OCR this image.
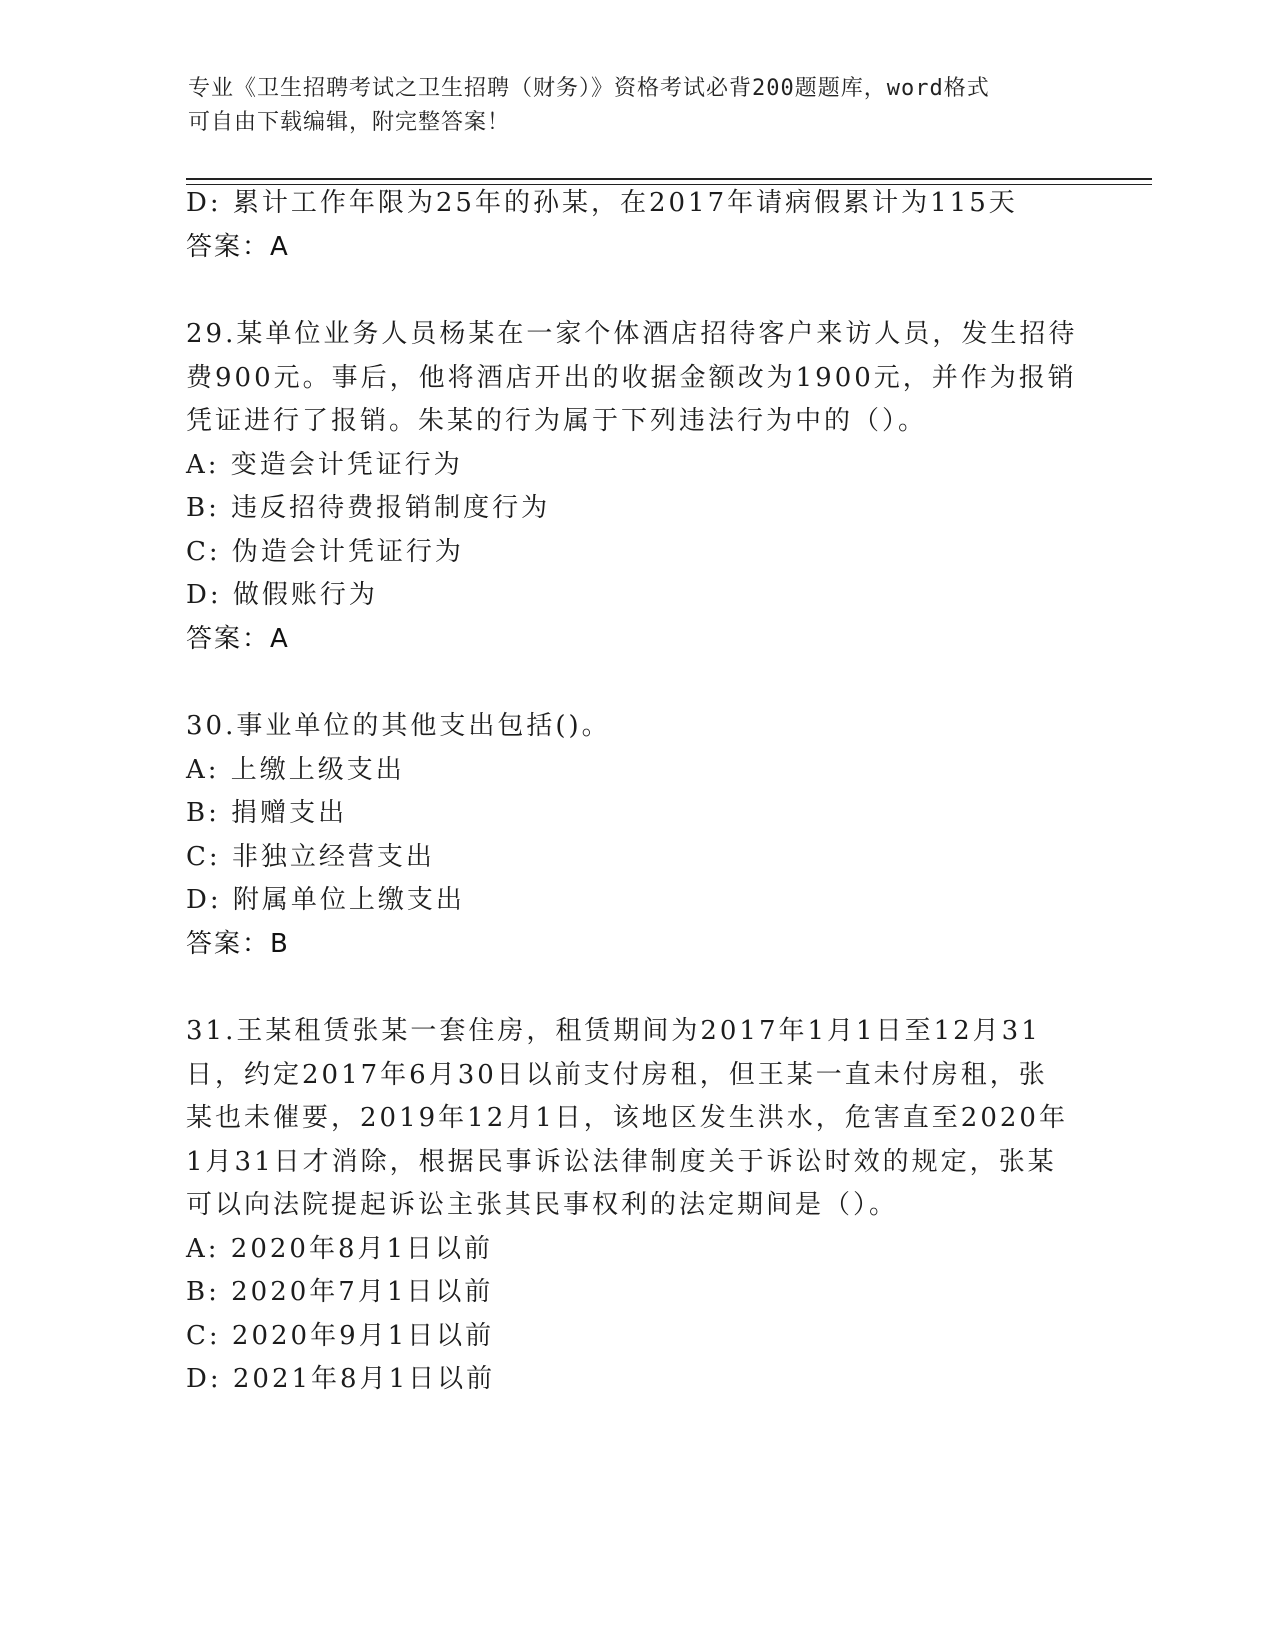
专业《卫生招聘考试之卫生招聘（财务）》资格考试必背200题题库，word格式
可自由下载编辑，附完整答案！
D: 累计工作年限为25年的孙某，在2017年请病假累计为115天
答案：A
29.某单位业务人员杨某在一家个体酒店招待客户来访人员，发生招待
费900元。事后，他将酒店开出的收据金额改为1900元，并作为报销
凭证进行了报销。朱某的行为属于下列违法行为中的（）。
A: 变造会计凭证行为
B: 违反招待费报销制度行为
C: 伪造会计凭证行为
D: 做假账行为
答案：A
30.事业单位的其他支出包括()。
A: 上缴上级支出
B: 捐赠支出
C: 非独立经营支出
D: 附属单位上缴支出
答案：B
31.王某租赁张某一套住房，租赁期间为2017年1月1日至12月31
日，约定2017年6月30日以前支付房租，但王某一直未付房租，张
某也未催要，2019年12月1日，该地区发生洪水，危害直至2020年
1月31日才消除，根据民事诉讼法律制度关于诉讼时效的规定，张某
可以向法院提起诉讼主张其民事权利的法定期间是（）。
A: 2020年8月1日以前
B: 2020年7月1日以前
C: 2020年9月1日以前
D: 2021年8月1日以前
